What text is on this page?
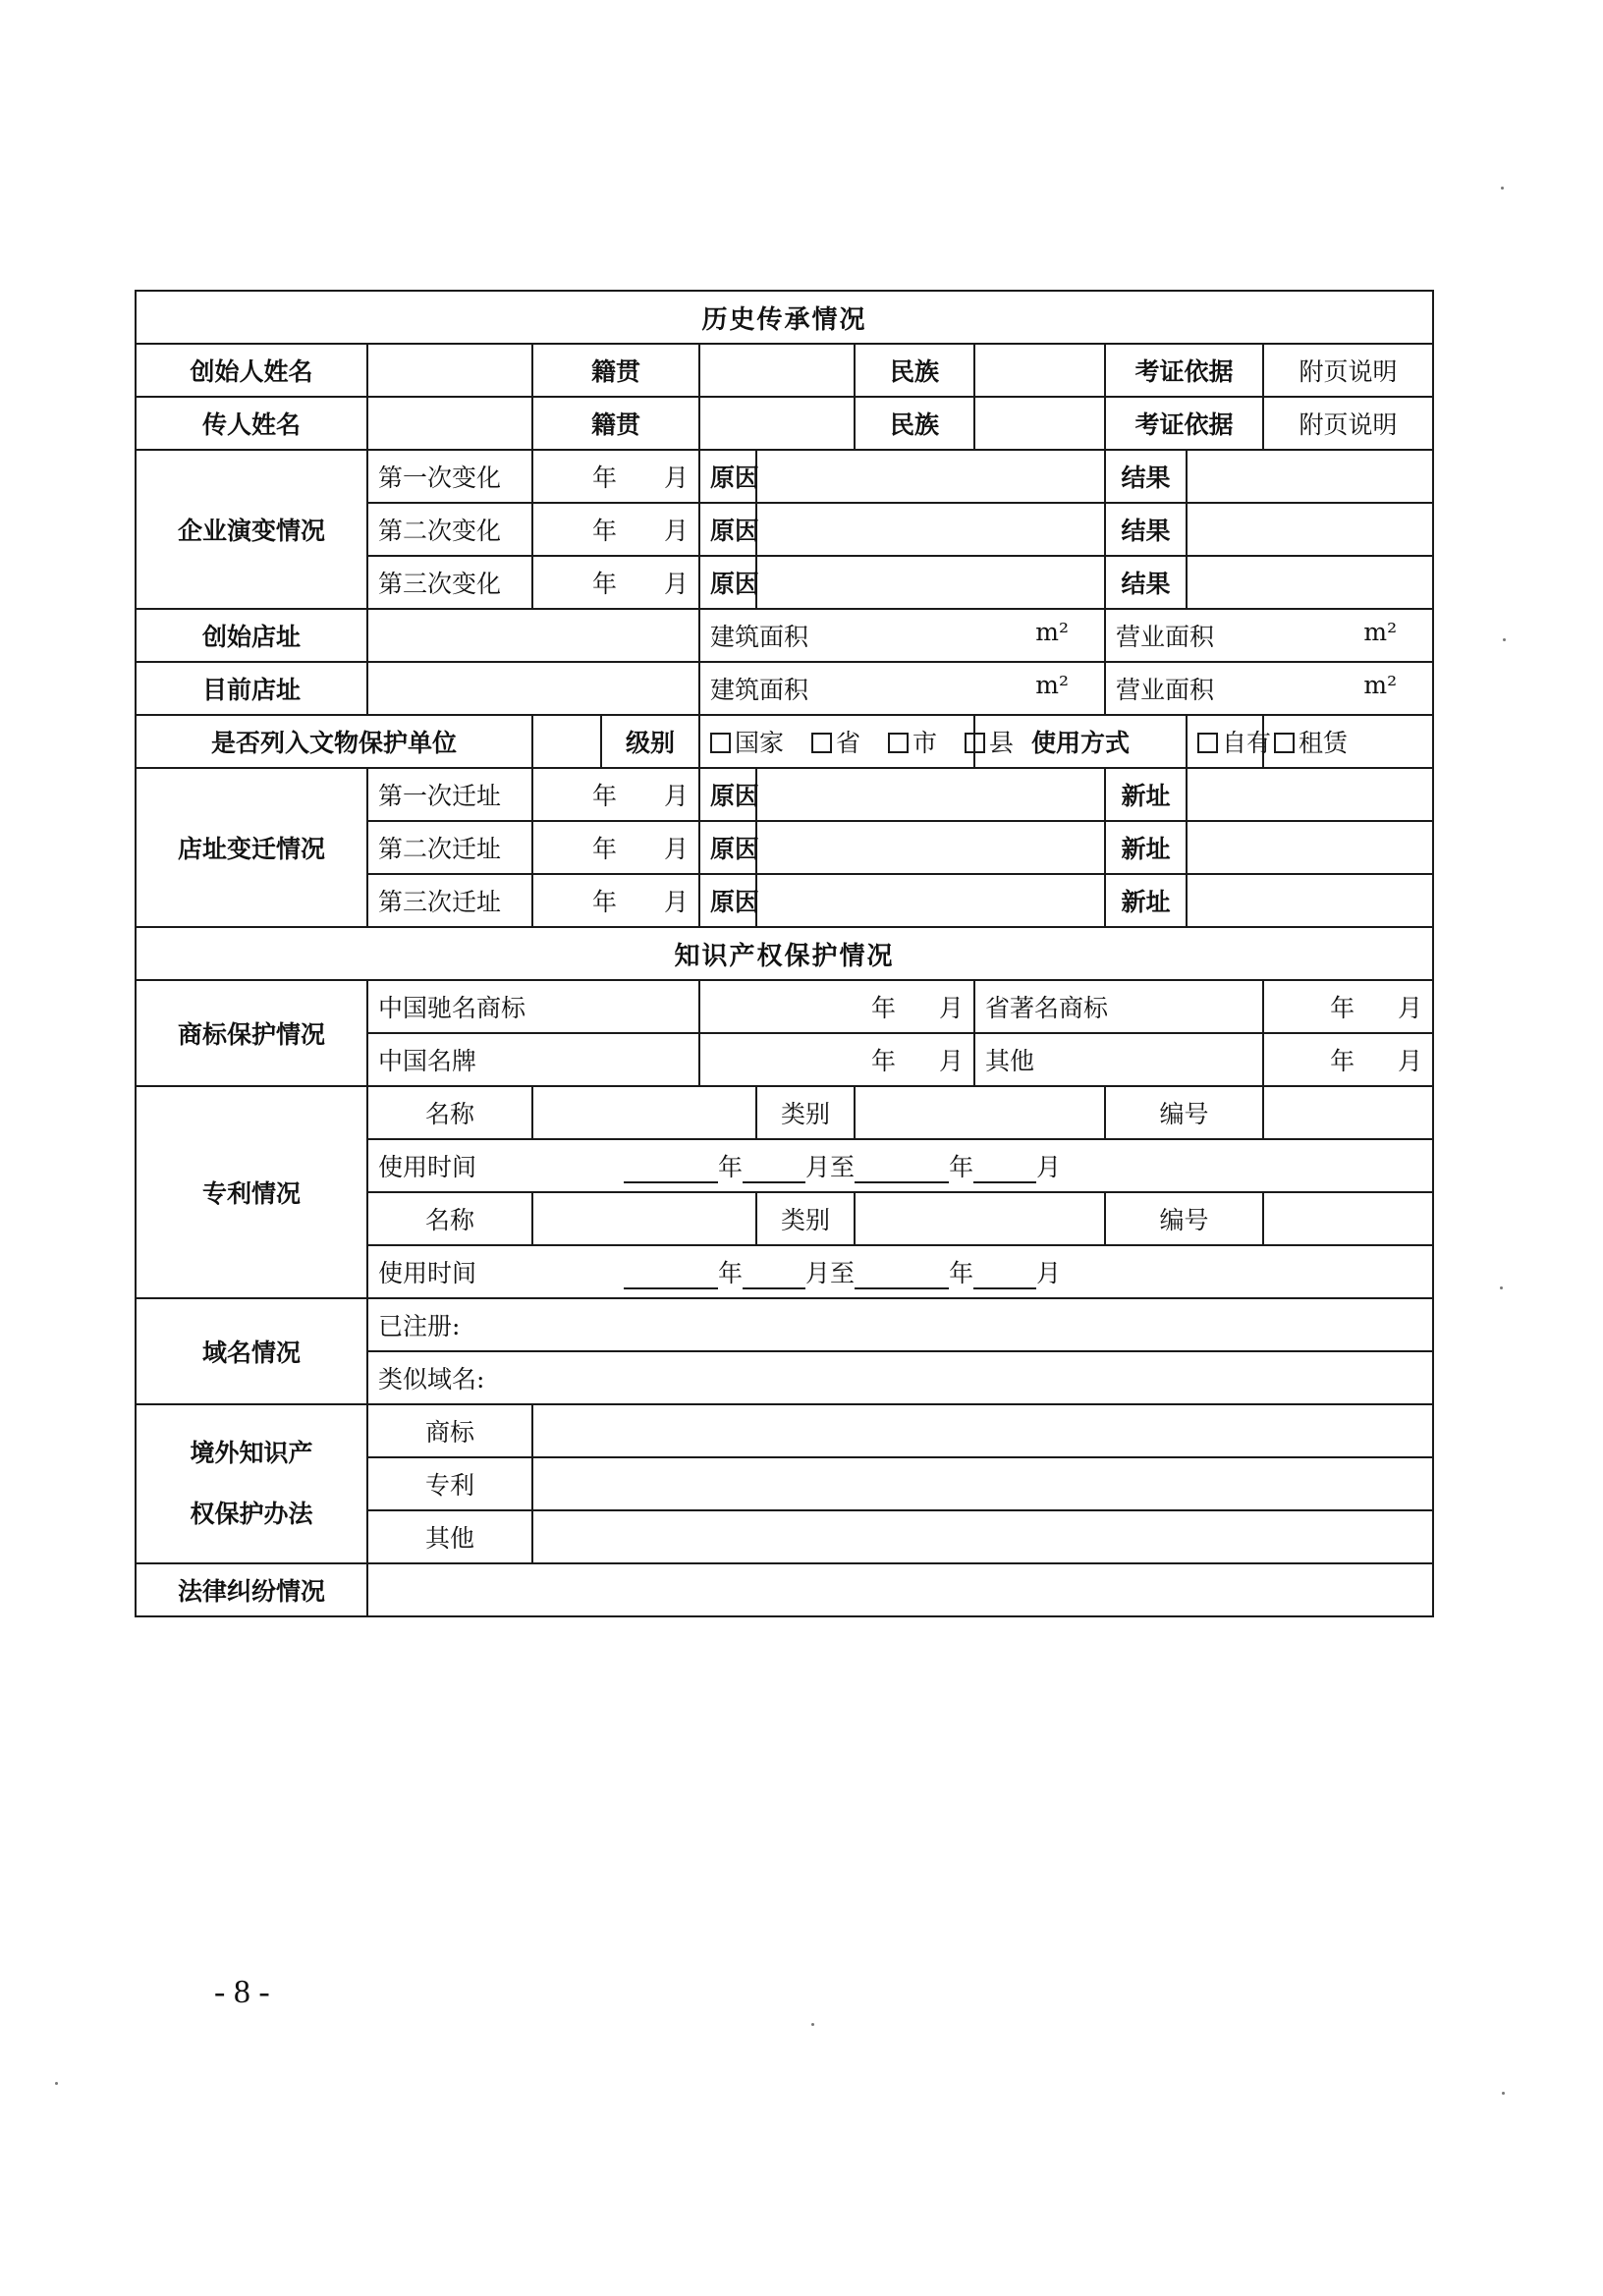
历史传承情况										
创始人姓名		籍贯				民族		考证依据		附页说明
传人姓名		籍贯				民族		考证依据		附页说明
企业演变情况	第一次变化	年 月		原因				结果		
	第二次变化	年 月		原因				结果		
	第三次变化	年 月		原因				结果		
创始店址				建筑面积 m²				营业面积 m²		

目前店址				建筑面积 m²				营业面积 m²		

是否列入文物保护单位			级别	国家 省 市 县			使用方式		自有	租赁
店址变迁情况	第一次迁址	年 月		原因				新址		
	第二次迁址	年 月		原因				新址		
	第三次迁址	年 月		原因				新址		
知识产权保护情况										
商标保护情况	中国驰名商标			年 月			省著名商标			年 月
	中国名牌			年 月			其他			年 月
专利情况	名称				类别			编号		
	使用时间 年 月至 年 月									
	名称				类别			编号		
	使用时间 年 月至 年 月									
域名情况	已注册:									
	类似域名:									
境外知识产
权保护办法	商标									
	专利									
	其他									
法律纠纷情况										
- 8 -
